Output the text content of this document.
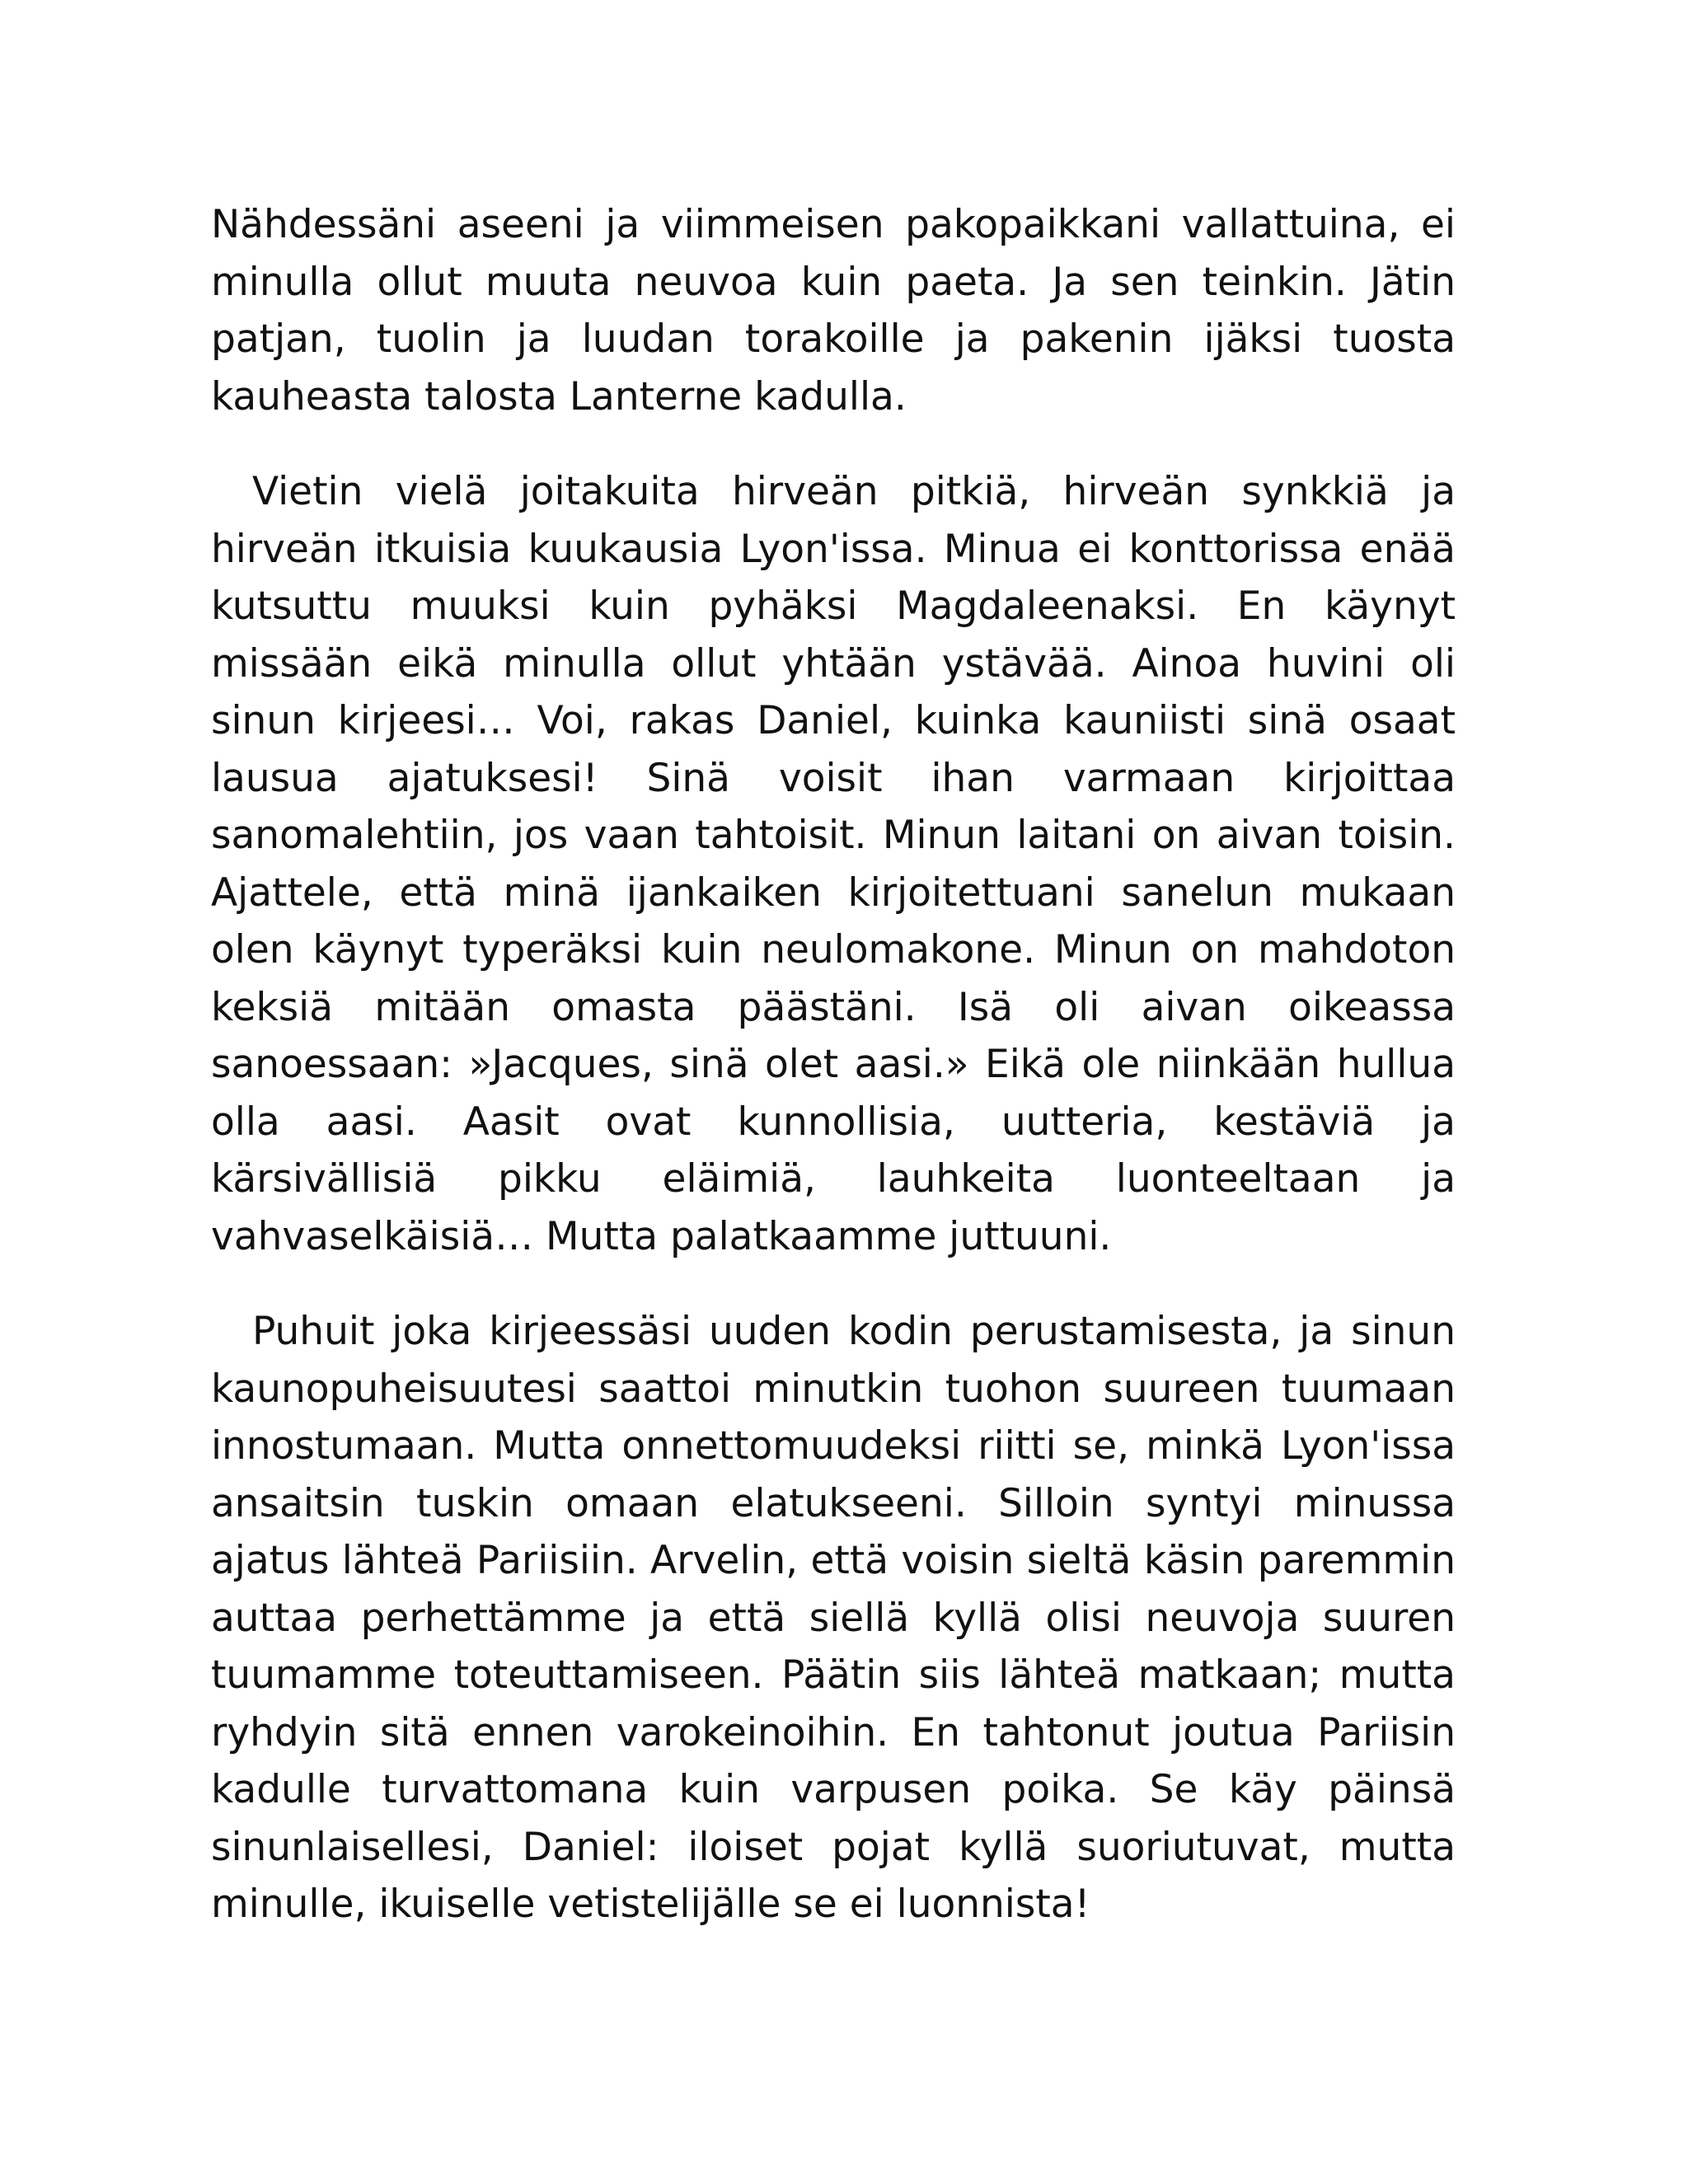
Nähdessäni aseeni ja viimmeisen pakopaikkani vallattuina, ei minulla ollut muuta neuvoa kuin paeta. Ja sen teinkin. Jätin patjan, tuolin ja luudan torakoille ja pakenin ijäksi tuosta kauheasta talosta Lanterne kadulla.

Vietin vielä joitakuita hirveän pitkiä, hirveän synkkiä ja hirveän itkuisia kuukausia Lyon'issa. Minua ei konttorissa enää kutsuttu muuksi kuin pyhäksi Magdaleenaksi. En käynyt missään eikä minulla ollut yhtään ystävää. Ainoa huvini oli sinun kirjeesi… Voi, rakas Daniel, kuinka kauniisti sinä osaat lausua ajatuksesi! Sinä voisit ihan varmaan kirjoittaa sanomalehtiin, jos vaan tahtoisit. Minun laitani on aivan toisin. Ajattele, että minä ijankaiken kirjoitettuani sanelun mukaan olen käynyt typeräksi kuin neulomakone. Minun on mahdoton keksiä mitään omasta päästäni. Isä oli aivan oikeassa sanoessaan: »Jacques, sinä olet aasi.» Eikä ole niinkään hullua olla aasi. Aasit ovat kunnollisia, uutteria, kestäviä ja kärsivällisiä pikku eläimiä, lauhkeita luonteeltaan ja vahvaselkäisiä… Mutta palatkaamme juttuuni.

Puhuit joka kirjeessäsi uuden kodin perustamisesta, ja sinun kaunopuheisuutesi saattoi minutkin tuohon suureen tuumaan innostumaan. Mutta onnettomuudeksi riitti se, minkä Lyon'issa ansaitsin tuskin omaan elatukseeni. Silloin syntyi minussa ajatus lähteä Pariisiin. Arvelin, että voisin sieltä käsin paremmin auttaa perhettämme ja että siellä kyllä olisi neuvoja suuren tuumamme toteuttamiseen. Päätin siis lähteä matkaan; mutta ryhdyin sitä ennen varokeinoihin. En tahtonut joutua Pariisin kadulle turvattomana kuin varpusen poika. Se käy päinsä sinunlaisellesi, Daniel: iloiset pojat kyllä suoriutuvat, mutta minulle, ikuiselle vetistelijälle se ei luonnista!
